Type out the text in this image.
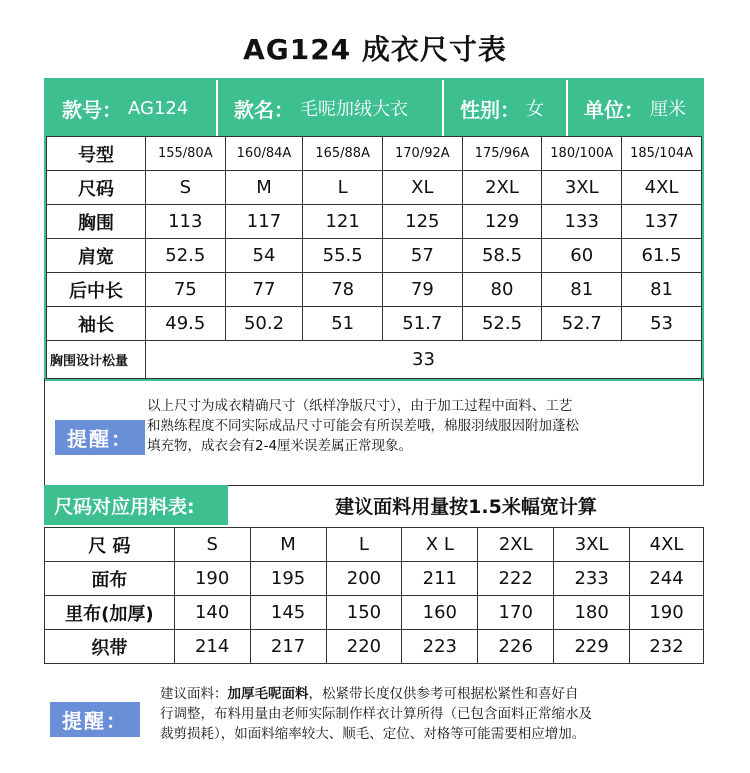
AG124 成衣尺寸表
款号： AG124 款名： 毛呢加绒大衣	性别： 女 单位： 厘米
号型	155/80A	160/84A	165/88A	170/92A	175/96A	180/100A	185/104A
尺码	S	M	L	XL	2XL	3XL	4XL
胸围	113	117	121	125	129	133	137
肩宽	52.5	54	55.5	57	58.5	60	61.5
后中长	75	77	78	79	80	81	81
袖长	49.5	50.2	51	51.7	52.5	52.7	53
胸围设计松量	33						
提醒：
以上尺寸为成衣精确尺寸（纸样净版尺寸），由于加工过程中面料、工艺
和熟练程度不同实际成品尺寸可能会有所误差哦，棉服羽绒服因附加蓬松
填充物，成衣会有2-4厘米误差属正常现象。
尺码对应用料表:	建议面料用量按1.5米幅宽计算
尺 码	S	M	L	X L	2XL	3XL	4XL
面布	190	195	200	211	222	233	244
里布(加厚)	140	145	150	160	170	180	190
织带	214	217	220	223	226	229	232
提醒：
建议面料：加厚毛呢面料，松紧带长度仅供参考可根据松紧性和喜好自
行调整，布料用量由老师实际制作样衣计算所得（已包含面料正常缩水及
裁剪损耗），如面料缩率较大、顺毛、定位、对格等可能需要相应增加。
